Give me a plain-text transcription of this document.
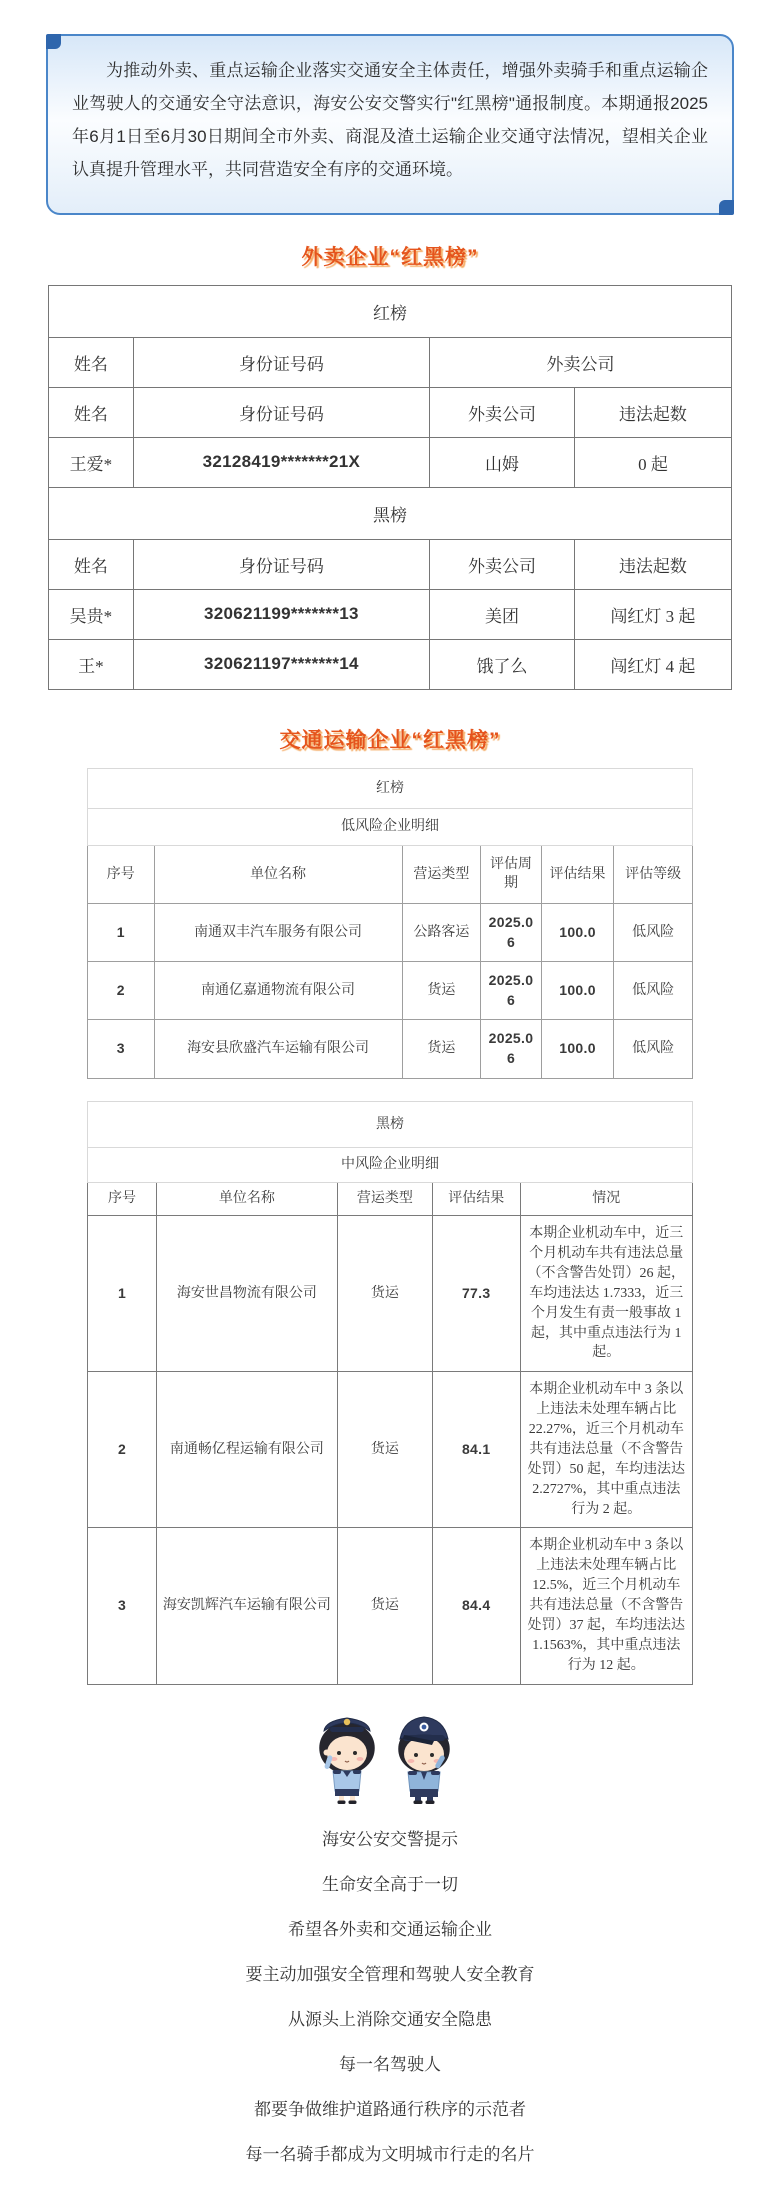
为推动外卖、重点运输企业落实交通安全主体责任，增强外卖骑手和重点运输企业驾驶人的交通安全守法意识，海安公安交警实行"红黑榜"通报制度。本期通报2025年6月1日至6月30日期间全市外卖、商混及渣土运输企业交通守法情况，望相关企业认真提升管理水平，共同营造安全有序的交通环境。

外卖企业“红黑榜”
红榜			
姓名	身份证号码	外卖公司	
姓名	身份证号码	外卖公司	违法起数
王爱*	32128419*******21X	山姆	0 起
黑榜			
姓名	身份证号码	外卖公司	违法起数
吴贵*	320621199*******13	美团	闯红灯 3 起
王*	320621197*******14	饿了么	闯红灯 4 起
交通运输企业“红黑榜”
红榜					
低风险企业明细					
序号	单位名称	营运类型	评估周期	评估结果	评估等级
1	南通双丰汽车服务有限公司	公路客运	2025.06	100.0	低风险
2	南通亿嘉通物流有限公司	货运	2025.06	100.0	低风险
3	海安县欣盛汽车运输有限公司	货运	2025.06	100.0	低风险
黑榜				
中风险企业明细				
序号	单位名称	营运类型	评估结果	情况
1	海安世昌物流有限公司	货运	77.3	本期企业机动车中，近三个月机动车共有违法总量（不含警告处罚）26 起，车均违法达 1.7333，近三个月发生有责一般事故 1 起，其中重点违法行为 1 起。
2	南通畅亿程运输有限公司	货运	84.1	本期企业机动车中 3 条以上违法未处理车辆占比 22.27%，近三个月机动车共有违法总量（不含警告处罚）50 起，车均违法达 2.2727%，其中重点违法行为 2 起。
3	海安凯辉汽车运输有限公司	货运	84.4	本期企业机动车中 3 条以上违法未处理车辆占比 12.5%，近三个月机动车共有违法总量（不含警告处罚）37 起，车均违法达 1.1563%，其中重点违法行为 12 起。

海安公安交警提示

生命安全高于一切

希望各外卖和交通运输企业

要主动加强安全管理和驾驶人安全教育

从源头上消除交通安全隐患

每一名驾驶人

都要争做维护道路通行秩序的示范者

每一名骑手都成为文明城市行走的名片
